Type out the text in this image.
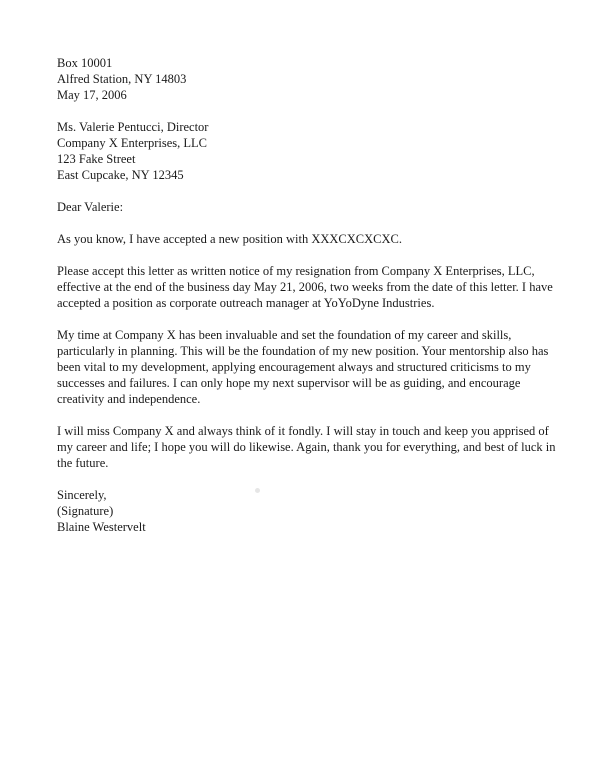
Box 10001
Alfred Station, NY 14803
May 17, 2006
Ms. Valerie Pentucci, Director
Company X Enterprises, LLC
123 Fake Street
East Cupcake, NY 12345

Dear Valerie:

As you know, I have accepted a new position with XXXCXCXCXC.

Please accept this letter as written notice of my resignation from Company X Enterprises, LLC, effective at the end of the business day May 21, 2006, two weeks from the date of this letter. I have accepted a position as corporate outreach manager at YoYoDyne Industries.

My time at Company X has been invaluable and set the foundation of my career and skills, particularly in planning. This will be the foundation of my new position. Your mentorship also has been vital to my development, applying encouragement always and structured criticisms to my successes and failures. I can only hope my next supervisor will be as guiding, and encourage creativity and independence.

I will miss Company X and always think of it fondly. I will stay in touch and keep you apprised of my career and life; I hope you will do likewise. Again, thank you for everything, and best of luck in the future.

Sincerely,
(Signature)
Blaine Westervelt
